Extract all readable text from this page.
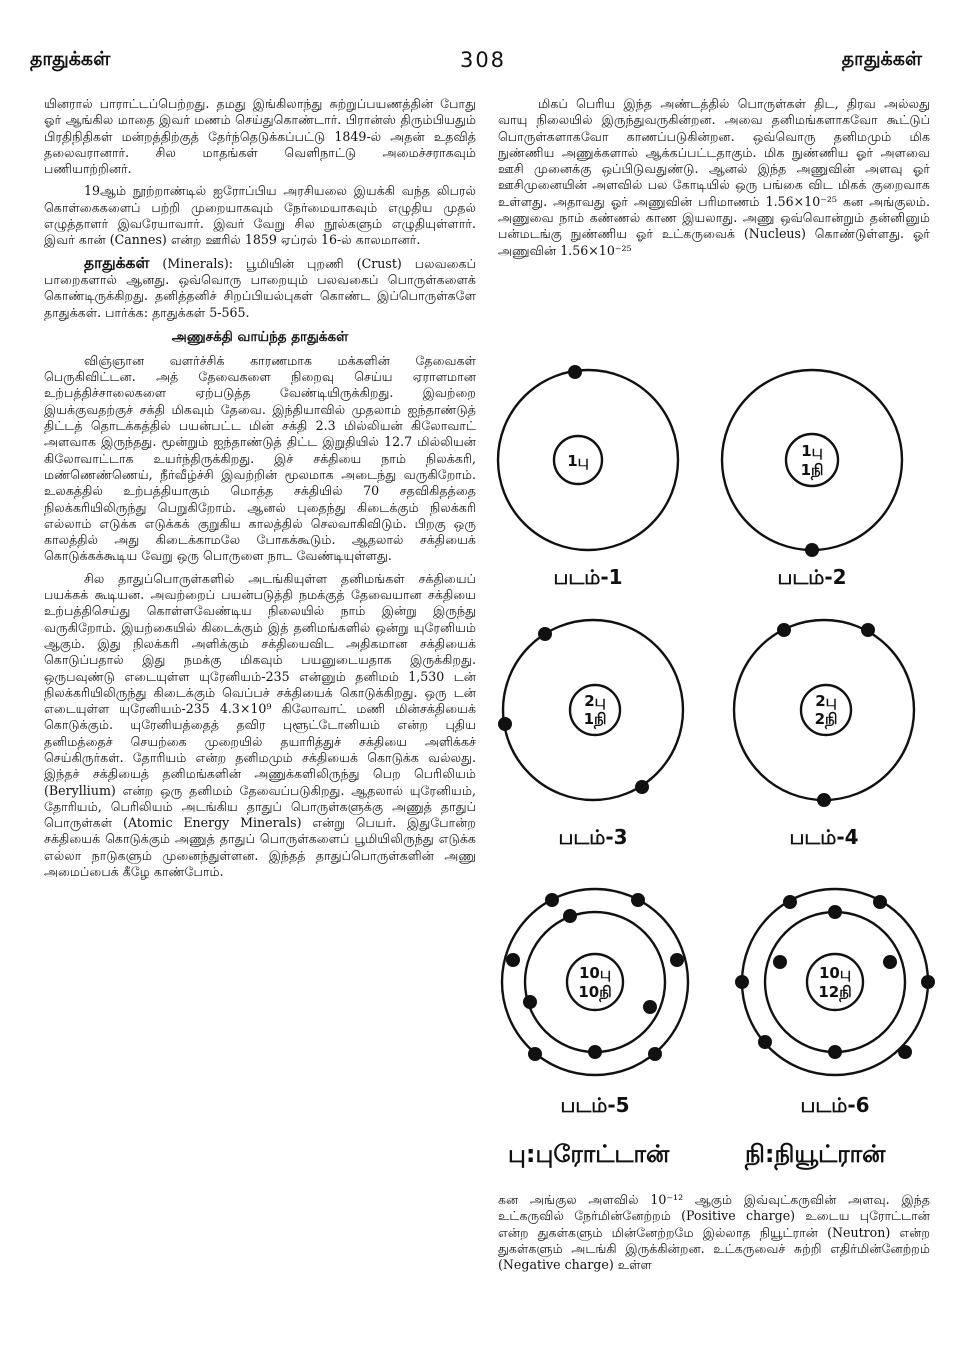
தாதுக்கள்	308	தாதுக்கள்

யினரால் பாராட்டப்பெற்றது. தமது இங்கிலாந்து சுற்றுப்பயணத்தின் போது ஓர் ஆங்கில மாதை இவர் மணம் செய்துகொண்டார். பிரான்ஸ் திரும்பியதும் பிரதிநிதிகள் மன்றத்திற்குத் தேர்ந்தெடுக்கப்பட்டு 1849-ல் அதன் உதவித் தலைவரானார். சில மாதங்கள் வெளிநாட்டு அமைச்சராகவும் பணியாற்றினர்.

19ஆம் நூற்றாண்டில் ஐரோப்பிய அரசியலை இயக்கி வந்த லிபரல் கொள்கைகளைப் பற்றி முறையாகவும் நேர்மையாகவும் எழுதிய முதல் எழுத்தாளர் இவரேயாவார். இவர் வேறு சில நூல்களும் எழுதியுள்ளார். இவர் கான் (Cannes) என்ற ஊரில் 1859 ஏப்ரல் 16-ல் காலமானர்.

தாதுக்கள் (Minerals): பூமியின் புறணி (Crust) பலவகைப் பாறைகளால் ஆனது. ஒவ்வொரு பாறையும் பலவகைப் பொருள்களைக் கொண்டிருக்கிறது. தனித்தனிச் சிறப்பியல்புகள் கொண்ட இப்பொருள்களே தாதுக்கள். பார்க்க: தாதுக்கள் 5-565.

அணுசக்தி வாய்ந்த தாதுக்கள்

விஞ்ஞான வளர்ச்சிக் காரணமாக மக்களின் தேவைகள் பெருகிவிட்டன. அத் தேவைகளை நிறைவு செய்ய ஏராளமான உற்பத்திச்சாலைகளை ஏற்படுத்த வேண்டியிருக்கிறது. இவற்றை இயக்குவதற்குச் சக்தி மிகவும் தேவை. இந்தியாவில் முதலாம் ஐந்தாண்டுத் திட்டத் தொடக்கத்தில் பயன்பட்ட மின் சக்தி 2.3 மில்லியன் கிலோவாட் அளவாக இருந்தது. மூன்றும் ஐந்தாண்டுத் திட்ட இறுதியில் 12.7 மில்லியன் கிலோவாட்டாக உயர்ந்திருக்கிறது. இச் சக்தியை நாம் நிலக்கரி, மண்ணெண்ணெய், நீர்வீழ்ச்சி இவற்றின் மூலமாக அடைந்து வருகிறோம். உலகத்தில் உற்பத்தியாகும் மொத்த சக்தியில் 70 சதவிகிதத்தை நிலக்கரியிலிருந்து பெறுகிறோம். ஆனல் புதைந்து கிடைக்கும் நிலக்கரி எல்லாம் எடுக்க எடுக்கக் குறுகிய காலத்தில் செலவாகிவிடும். பிறகு ஒரு காலத்தில் அது கிடைக்காமலே போகக்கூடும். ஆதலால் சக்தியைக் கொடுக்கக்கூடிய வேறு ஒரு பொருளை நாட வேண்டியுள்ளது.

சில தாதுப்பொருள்களில் அடங்கியுள்ள தனிமங்கள் சக்தியைப் பயக்கக் கூடியன. அவற்றைப் பயன்படுத்தி நமக்குத் தேவையான சக்தியை உற்பத்திசெய்து கொள்ளவேண்டிய நிலையில் நாம் இன்று இருந்து வருகிறோம். இயற்கையில் கிடைக்கும் இத் தனிமங்களில் ஒன்று யுரேனியம் ஆகும். இது நிலக்கரி அளிக்கும் சக்தியைவிட அதிகமான சக்தியைக் கொடுப்பதால் இது நமக்கு மிகவும் பயனுடையதாக இருக்கிறது. ஒருபவுண்டு எடையுள்ள யுரேனியம்-235 என்னும் தனிமம் 1,530 டன் நிலக்கரியிலிருந்து கிடைக்கும் வெப்பச் சக்தியைக் கொடுக்கிறது. ஒரு டன் எடையுள்ள யுரேனியம்-235 4.3×10⁹ கிலோவாட் மணி மின்சக்தியைக் கொடுக்கும். யுரேனியத்தைத் தவிர புளூட்டோனியம் என்ற புதிய தனிமத்தைச் செயற்கை முறையில் தயாரித்துச் சக்தியை அளிக்கச் செய்கிருர்கள். தோரியம் என்ற தனிமமும் சக்தியைக் கொடுக்க வல்லது. இந்தச் சக்தியைத் தனிமங்களின் அணுக்களிலிருந்து பெற பெரிலியம் (Beryllium) என்ற ஒரு தனிமம் தேவைப்படுகிறது. ஆதலால் யுரேனியம், தோரியம், பெரிலியம் அடங்கிய தாதுப் பொருள்களுக்கு அணுத் தாதுப் பொருள்கள் (Atomic Energy Minerals) என்று பெயர். இதுபோன்ற சக்தியைக் கொடுக்கும் அணுத் தாதுப் பொருள்களைப் பூமியிலிருந்து எடுக்க எல்லா நாடுகளும் முனைந்துள்ளன. இந்தத் தாதுப்பொருள்களின் அணு அமைப்பைக் கீழே காண்போம்.

மிகப் பெரிய இந்த அண்டத்தில் பொருள்கள் திட, திரவ அல்லது வாயு நிலையில் இருந்துவருகின்றன. அவை தனிமங்களாகவோ கூட்டுப் பொருள்களாகவோ காணப்படுகின்றன. ஒவ்வொரு தனிமமும் மிக நுண்ணிய அணுக்களால் ஆக்கப்பட்டதாகும். மிக நுண்ணிய ஓர் அளவை ஊசி முனைக்கு ஒப்பிடுவதுண்டு. ஆனல் இந்த அணுவின் அளவு ஓர் ஊசிமுனையின் அளவில் பல கோடியில் ஒரு பங்கை விட மிகக் குறைவாக உள்ளது. அதாவது ஓர் அணுவின் பரிமாணம் 1.56×10⁻²⁵ கன அங்குலம். அணுவை நாம் கண்ணல் காண இயலாது. அணு ஒவ்வொன்றும் தன்னினும் பன்மடங்கு நுண்ணிய ஓர் உட்கருவைக் (Nucleus) கொண்டுள்ளது. ஓர் அணுவின் 1.56×10⁻²⁵

1பு
1பு
1நி
2பு
1நி
2பு
2நி
10பு
10நி
10பு
12நி
படம்-1	படம்-2
படம்-3	படம்-4
படம்-5	படம்-6
பு:புரோட்டான்	நி:நியூட்ரான்

கன அங்குல அளவில் 10⁻¹² ஆகும் இவ்வுட்கருவின் அளவு. இந்த உட்கருவில் நேர்மின்னேற்றம் (Positive charge) உடைய புரோட்டான் என்ற துகள்களும் மின்னேற்றமே இல்லாத நியூட்ரான் (Neutron) என்ற துகள்களும் அடங்கி இருக்கின்றன. உட்கருவைச் சுற்றி எதிர்மின்னேற்றம் (Negative charge) உள்ள
